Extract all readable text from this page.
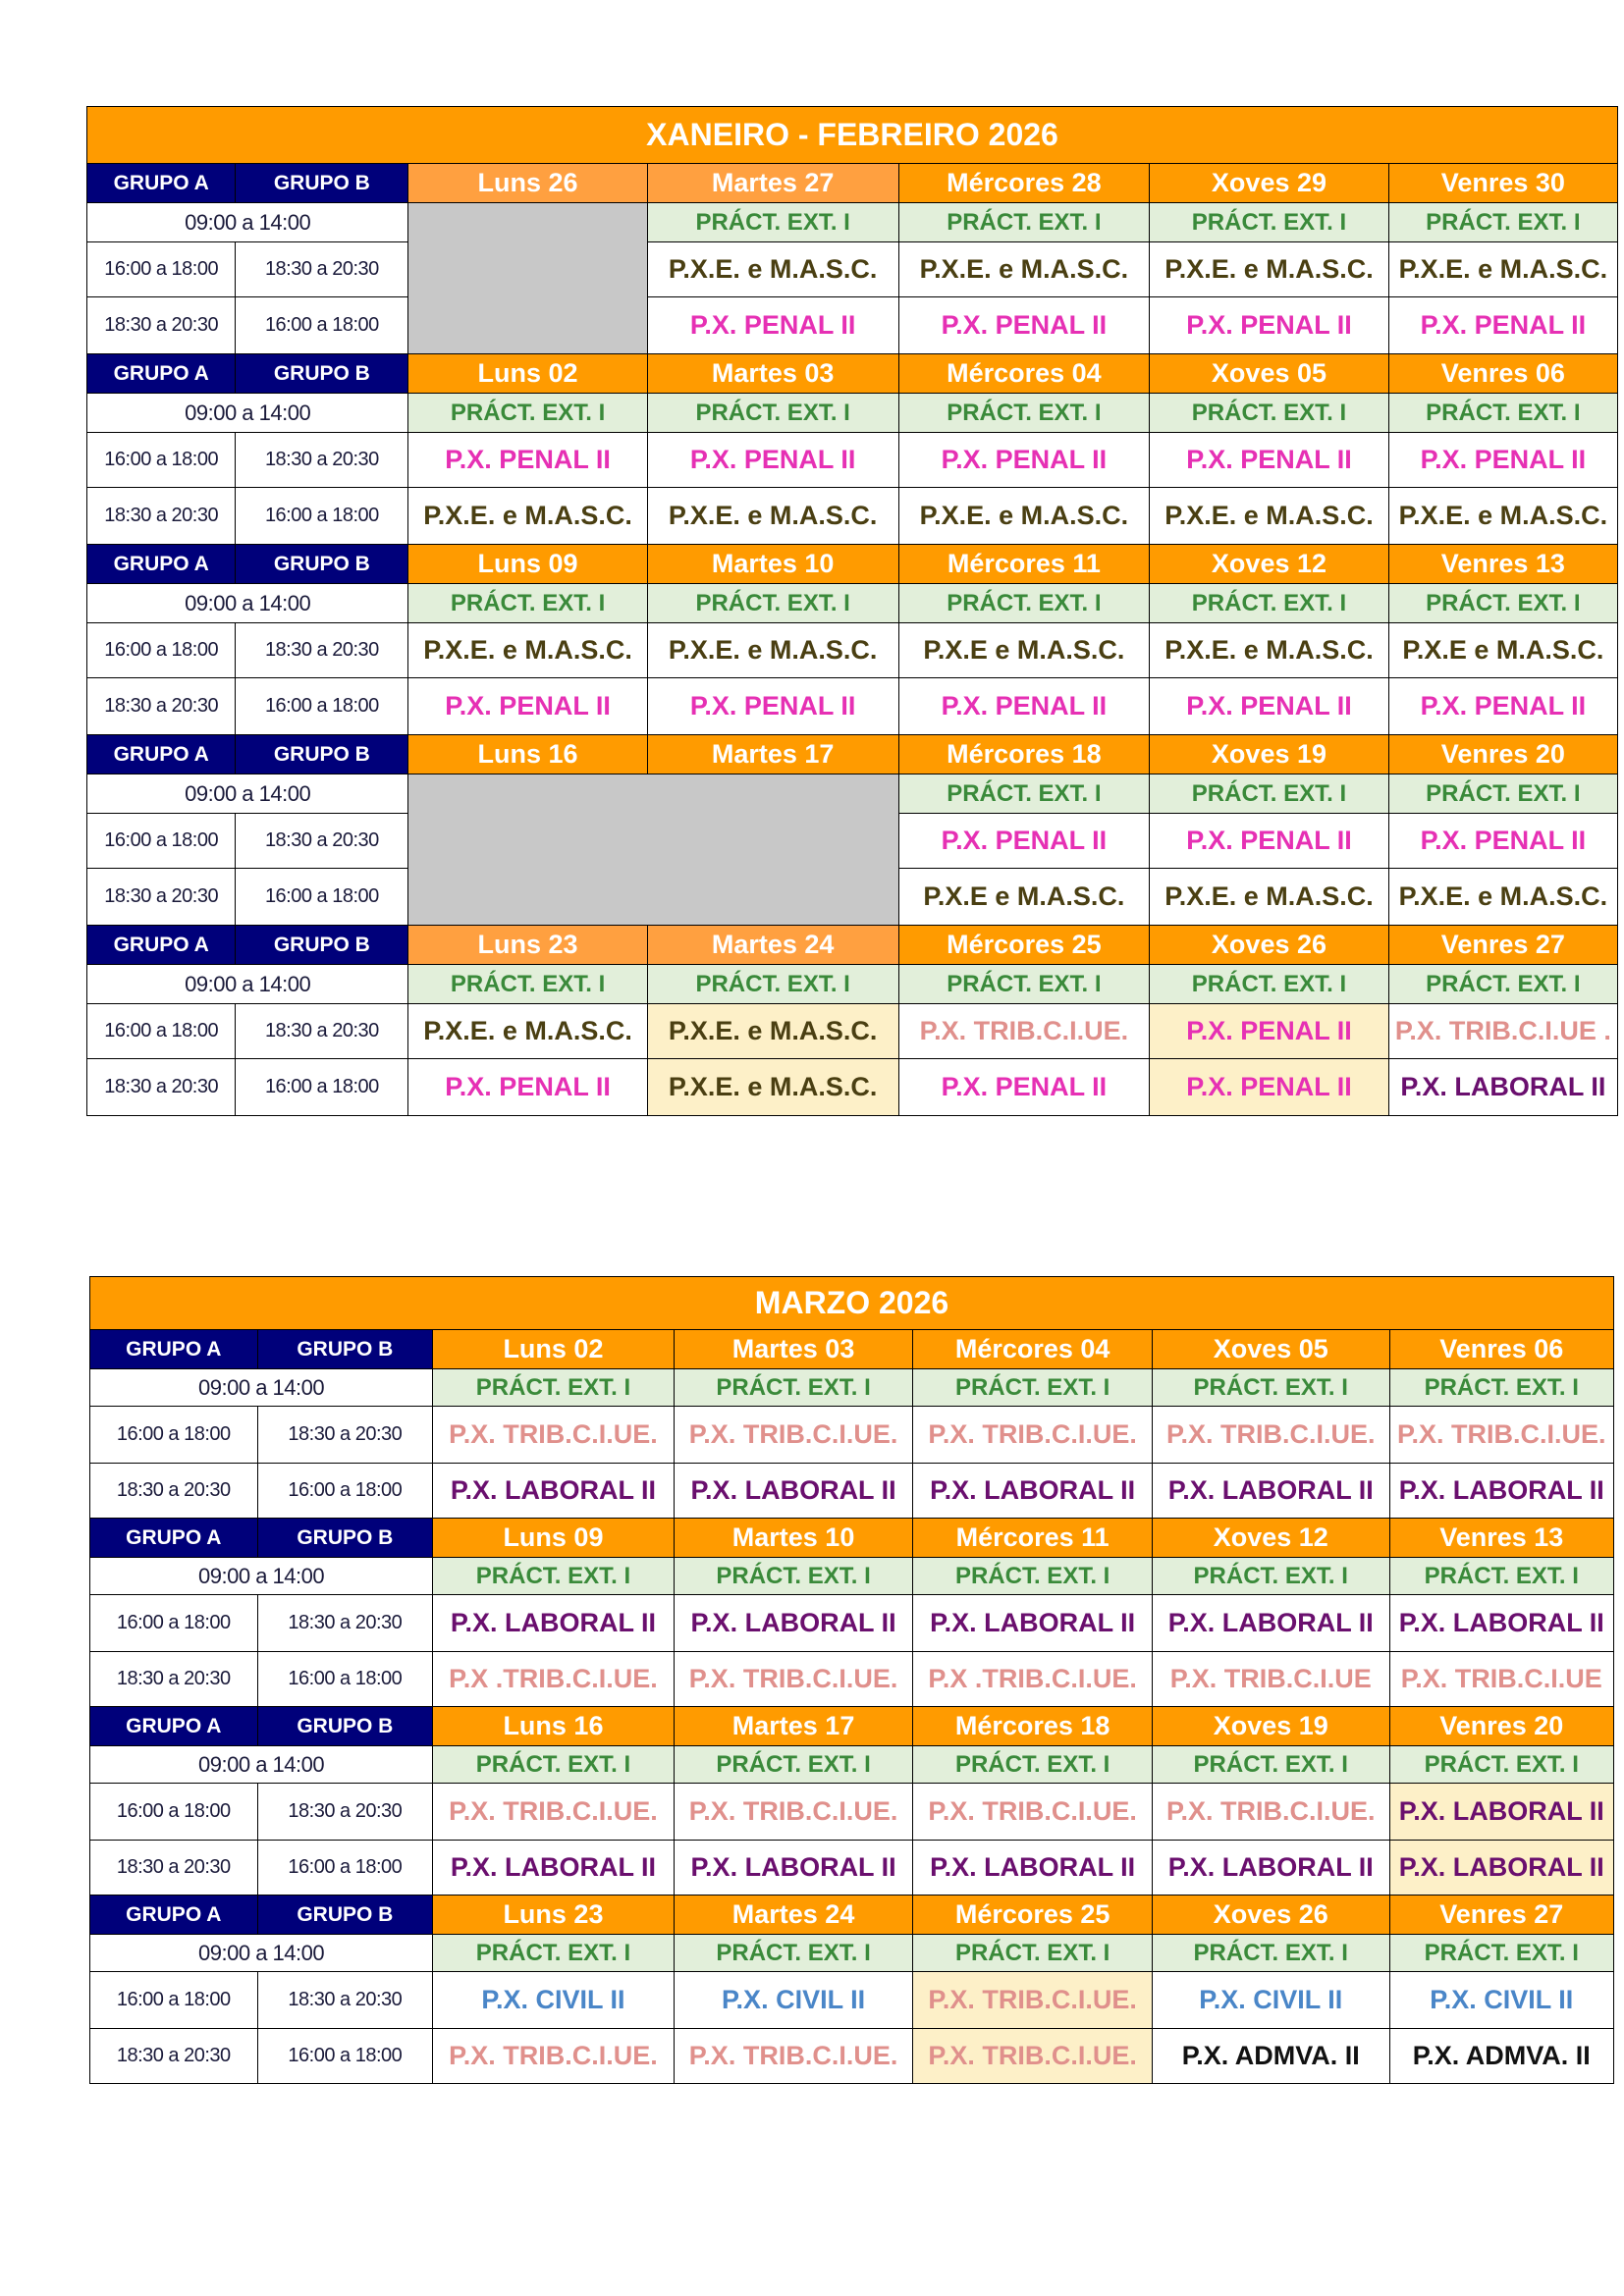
XANEIRO - FEBREIRO 2026						
GRUPO A	GRUPO B	Luns 26	Martes 27	Mércores 28	Xoves 29	Venres 30
09:00 a 14:00			PRÁCT. EXT. I	PRÁCT. EXT. I	PRÁCT. EXT. I	PRÁCT. EXT. I
16:00 a 18:00	18:30 a 20:30		P.X.E. e M.A.S.C.	P.X.E. e M.A.S.C.	P.X.E. e M.A.S.C.	P.X.E. e M.A.S.C.
18:30 a 20:30	16:00 a 18:00		P.X. PENAL II	P.X. PENAL II	P.X. PENAL II	P.X. PENAL II
GRUPO A	GRUPO B	Luns 02	Martes 03	Mércores 04	Xoves 05	Venres 06
09:00 a 14:00		PRÁCT. EXT. I	PRÁCT. EXT. I	PRÁCT. EXT. I	PRÁCT. EXT. I	PRÁCT. EXT. I
16:00 a 18:00	18:30 a 20:30	P.X. PENAL II	P.X. PENAL II	P.X. PENAL II	P.X. PENAL II	P.X. PENAL II
18:30 a 20:30	16:00 a 18:00	P.X.E. e M.A.S.C.	P.X.E. e M.A.S.C.	P.X.E. e M.A.S.C.	P.X.E. e M.A.S.C.	P.X.E. e M.A.S.C.
GRUPO A	GRUPO B	Luns 09	Martes 10	Mércores 11	Xoves 12	Venres 13
09:00 a 14:00		PRÁCT. EXT. I	PRÁCT. EXT. I	PRÁCT. EXT. I	PRÁCT. EXT. I	PRÁCT. EXT. I
16:00 a 18:00	18:30 a 20:30	P.X.E. e M.A.S.C.	P.X.E. e M.A.S.C.	P.X.E e M.A.S.C.	P.X.E. e M.A.S.C.	P.X.E e M.A.S.C.
18:30 a 20:30	16:00 a 18:00	P.X. PENAL II	P.X. PENAL II	P.X. PENAL II	P.X. PENAL II	P.X. PENAL II
GRUPO A	GRUPO B	Luns 16	Martes 17	Mércores 18	Xoves 19	Venres 20
09:00 a 14:00				PRÁCT. EXT. I	PRÁCT. EXT. I	PRÁCT. EXT. I
16:00 a 18:00	18:30 a 20:30			P.X. PENAL II	P.X. PENAL II	P.X. PENAL II
18:30 a 20:30	16:00 a 18:00			P.X.E e M.A.S.C.	P.X.E. e M.A.S.C.	P.X.E. e M.A.S.C.
GRUPO A	GRUPO B	Luns 23	Martes 24	Mércores 25	Xoves 26	Venres 27
09:00 a 14:00		PRÁCT. EXT. I	PRÁCT. EXT. I	PRÁCT. EXT. I	PRÁCT. EXT. I	PRÁCT. EXT. I
16:00 a 18:00	18:30 a 20:30	P.X.E. e M.A.S.C.	P.X.E. e M.A.S.C.	P.X. TRIB.C.I.UE.	P.X. PENAL II	P.X. TRIB.C.I.UE .
18:30 a 20:30	16:00 a 18:00	P.X. PENAL II	P.X.E. e M.A.S.C.	P.X. PENAL II	P.X. PENAL II	P.X. LABORAL II
MARZO 2026						
GRUPO A	GRUPO B	Luns 02	Martes 03	Mércores 04	Xoves 05	Venres 06
09:00 a 14:00		PRÁCT. EXT. I	PRÁCT. EXT. I	PRÁCT. EXT. I	PRÁCT. EXT. I	PRÁCT. EXT. I
16:00 a 18:00	18:30 a 20:30	P.X. TRIB.C.I.UE.	P.X. TRIB.C.I.UE.	P.X. TRIB.C.I.UE.	P.X. TRIB.C.I.UE.	P.X. TRIB.C.I.UE.
18:30 a 20:30	16:00 a 18:00	P.X. LABORAL II	P.X. LABORAL II	P.X. LABORAL II	P.X. LABORAL II	P.X. LABORAL II
GRUPO A	GRUPO B	Luns 09	Martes 10	Mércores 11	Xoves 12	Venres 13
09:00 a 14:00		PRÁCT. EXT. I	PRÁCT. EXT. I	PRÁCT. EXT. I	PRÁCT. EXT. I	PRÁCT. EXT. I
16:00 a 18:00	18:30 a 20:30	P.X. LABORAL II	P.X. LABORAL II	P.X. LABORAL II	P.X. LABORAL II	P.X. LABORAL II
18:30 a 20:30	16:00 a 18:00	P.X .TRIB.C.I.UE.	P.X. TRIB.C.I.UE.	P.X .TRIB.C.I.UE.	P.X. TRIB.C.I.UE	P.X. TRIB.C.I.UE
GRUPO A	GRUPO B	Luns 16	Martes 17	Mércores 18	Xoves 19	Venres 20
09:00 a 14:00		PRÁCT. EXT. I	PRÁCT. EXT. I	PRÁCT. EXT. I	PRÁCT. EXT. I	PRÁCT. EXT. I
16:00 a 18:00	18:30 a 20:30	P.X. TRIB.C.I.UE.	P.X. TRIB.C.I.UE.	P.X. TRIB.C.I.UE.	P.X. TRIB.C.I.UE.	P.X. LABORAL II
18:30 a 20:30	16:00 a 18:00	P.X. LABORAL II	P.X. LABORAL II	P.X. LABORAL II	P.X. LABORAL II	P.X. LABORAL II
GRUPO A	GRUPO B	Luns 23	Martes 24	Mércores 25	Xoves 26	Venres 27
09:00 a 14:00		PRÁCT. EXT. I	PRÁCT. EXT. I	PRÁCT. EXT. I	PRÁCT. EXT. I	PRÁCT. EXT. I
16:00 a 18:00	18:30 a 20:30	P.X. CIVIL II	P.X. CIVIL II	P.X. TRIB.C.I.UE.	P.X. CIVIL II	P.X. CIVIL II
18:30 a 20:30	16:00 a 18:00	P.X. TRIB.C.I.UE.	P.X. TRIB.C.I.UE.	P.X. TRIB.C.I.UE.	P.X. ADMVA. II	P.X. ADMVA. II
